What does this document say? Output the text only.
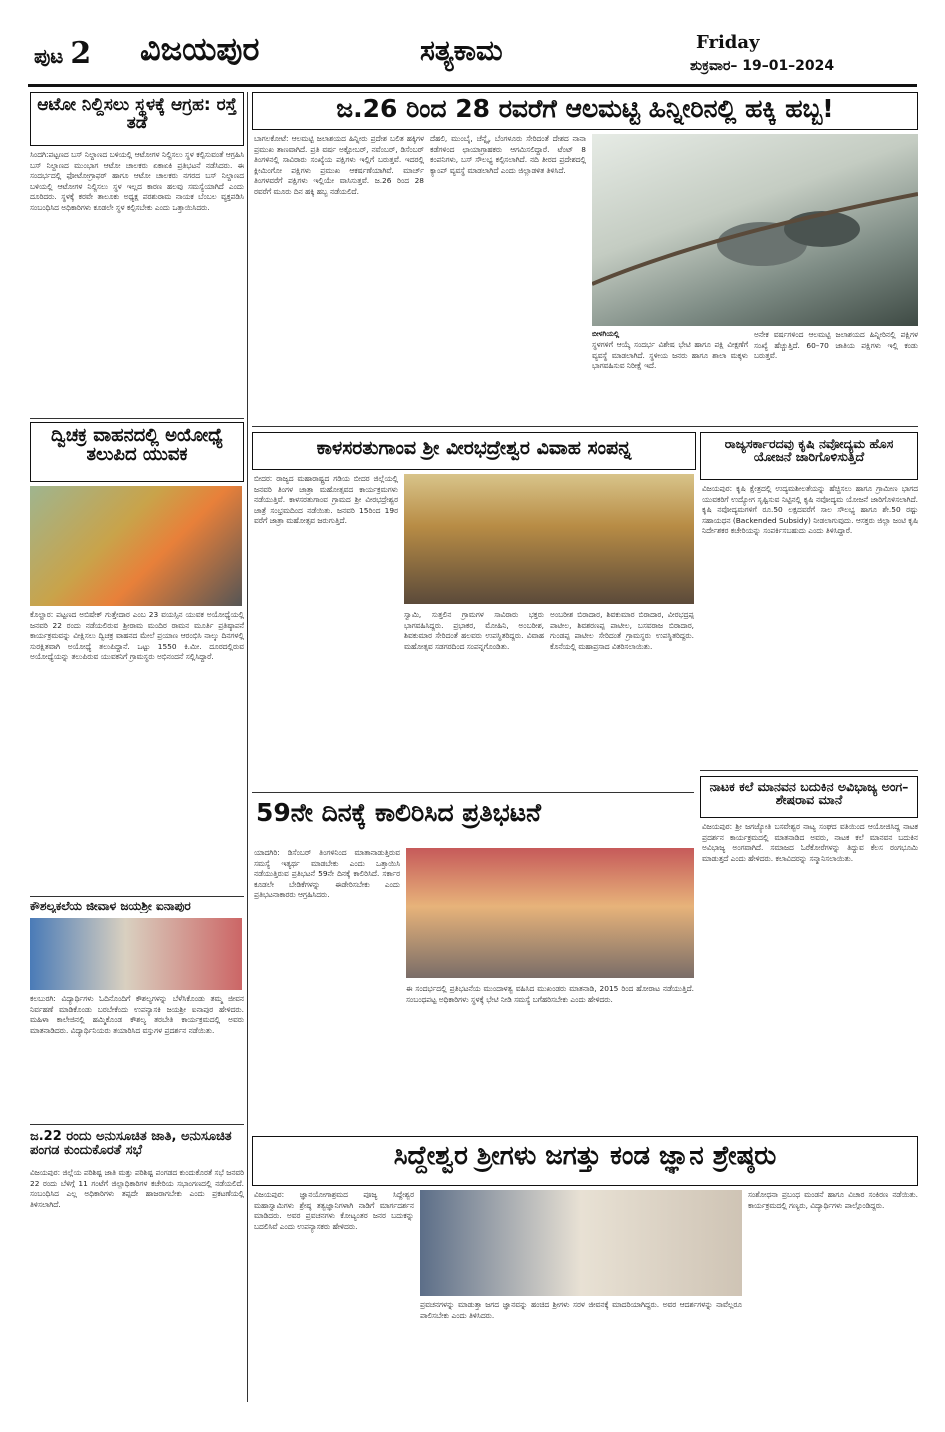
ಪುಟ 2 ವಿಜಯಪುರ	ಸತ್ಯಕಾಮ	Friday
ಶುಕ್ರವಾರ– 19–01–2024
ಆಟೋ ನಿಲ್ದಿಸಲು ಸ್ಥಳಕ್ಕೆ ಆಗ್ರಹ: ರಸ್ತೆ ತಡೆ
ಸಿಂದಗಿ:ಪಟ್ಟಣದ ಬಸ್ ನಿಲ್ದಾಣದ ಬಳಿಯಲ್ಲಿ ಆಟೋಗಳ ನಿಲ್ದಿಸಲು ಸ್ಥಳ ಕಲ್ಪಿಸುವಂತೆ ಆಗ್ರಹಿಸಿ ಬಸ್ ನಿಲ್ದಾಣದ ಮುಂಭಾಗ ಆಟೋ ಚಾಲಕರು ಏಕಾಏಕಿ ಪ್ರತಿಭಟನೆ ನಡೆಸಿದರು. ಈ ಸಂದರ್ಭದಲ್ಲಿ ಫೋಟೋಗ್ರಾಫರ್ ಹಾಗೂ ಆಟೋ ಚಾಲಕರು ನಗರದ ಬಸ್ ನಿಲ್ದಾಣದ ಬಳಿಯಲ್ಲಿ ಆಟೋಗಳ ನಿಲ್ದಿಸಲು ಸ್ಥಳ ಇಲ್ಲದ ಕಾರಣ ಹಲವು ಸಮಸ್ಯೆಯಾಗಿದೆ ಎಂದು ದೂರಿದರು. ಸ್ಥಳಕ್ಕೆ ಕರವೇ ತಾಲೂಕು ಅಧ್ಯಕ್ಷ ಪರಶುರಾಮ ನಾಯಕ ಬೆಂಬಲ ವ್ಯಕ್ತಪಡಿಸಿ ಸಂಬಂಧಿಸಿದ ಅಧಿಕಾರಿಗಳು ಕೂಡಲೇ ಸ್ಥಳ ಕಲ್ಪಿಸಬೇಕು ಎಂದು ಒತ್ತಾಯಿಸಿದರು.
ದ್ವಿಚಕ್ರ ವಾಹನದಲ್ಲಿ ಅಯೋಧ್ಯೆ ತಲುಪಿದ ಯುವಕ
ಕೊಲ್ಹಾರ: ಪಟ್ಟಣದ ಅಬಿಷೇಕ್ ಗುತ್ತೇದಾರ ಎಂಬ 23 ವಯಸ್ಸಿನ ಯುವಕ ಅಯೋಧ್ಯೆಯಲ್ಲಿ ಜನವರಿ 22 ರಂದು ನಡೆಯಲಿರುವ ಶ್ರೀರಾಮ ಮಂದಿರ ರಾಮನ ಮೂರ್ತಿ ಪ್ರತಿಷ್ಠಾಪನೆ ಕಾರ್ಯಕ್ರಮವನ್ನು ವೀಕ್ಷಿಸಲು ದ್ವಿಚಕ್ರ ವಾಹನದ ಮೇಲೆ ಪ್ರಯಾಣ ಆರಂಭಿಸಿ ನಾಲ್ಕು ದಿನಗಳಲ್ಲಿ ಸುರಕ್ಷಿತವಾಗಿ ಅಯೋಧ್ಯೆ ತಲುಪಿದ್ದಾನೆ. ಒಟ್ಟು 1550 ಕಿ.ಮೀ. ದೂರದಲ್ಲಿರುವ ಅಯೋಧ್ಯೆಯನ್ನು ತಲುಪಿರುವ ಯುವಕನಿಗೆ ಗ್ರಾಮಸ್ಥರು ಅಭಿನಂದನೆ ಸಲ್ಲಿಸಿದ್ದಾರೆ.
ಕೌಶಲ್ಯಕಲೆಯ ಜೀವಾಳ ಜಯಶ್ರೀ ಐನಾಪುರ
ಕಲಬುರಗಿ: ವಿದ್ಯಾರ್ಥಿಗಳು ಓದಿನೊಂದಿಗೆ ಕೌಶಲ್ಯಗಳನ್ನು ಬೆಳೆಸಿಕೊಂಡು ತಮ್ಮ ಜೀವನ ನಿರ್ವಹಣೆ ಮಾಡಿಕೊಂಡು ಬರಬೇಕೆಂದು ಉಪನ್ಯಾಸಕಿ ಜಯಶ್ರೀ ಐನಾಪುರ ಹೇಳಿದರು. ಮಹಿಳಾ ಕಾಲೇಜಿನಲ್ಲಿ ಹಮ್ಮಿಕೊಂಡ ಕೌಶಲ್ಯ ತರಬೇತಿ ಕಾರ್ಯಕ್ರಮದಲ್ಲಿ ಅವರು ಮಾತನಾಡಿದರು. ವಿದ್ಯಾರ್ಥಿನಿಯರು ತಯಾರಿಸಿದ ವಸ್ತುಗಳ ಪ್ರದರ್ಶನ ನಡೆಯಿತು.
ಜ.22 ರಂದು ಅನುಸೂಚಿತ ಜಾತಿ, ಅನುಸೂಚಿತ ಪಂಗಡ ಕುಂದುಕೊರತೆ ಸಭೆ
ವಿಜಯಪುರ: ಜಿಲ್ಲೆಯ ಪರಿಶಿಷ್ಟ ಜಾತಿ ಮತ್ತು ಪರಿಶಿಷ್ಟ ಪಂಗಡದ ಕುಂದುಕೊರತೆ ಸಭೆ ಜನವರಿ 22 ರಂದು ಬೆಳಿಗ್ಗೆ 11 ಗಂಟೆಗೆ ಜಿಲ್ಲಾಧಿಕಾರಿಗಳ ಕಚೇರಿಯ ಸಭಾಂಗಣದಲ್ಲಿ ನಡೆಯಲಿದೆ. ಸಂಬಂಧಿಸಿದ ಎಲ್ಲ ಅಧಿಕಾರಿಗಳು ತಪ್ಪದೇ ಹಾಜರಾಗಬೇಕು ಎಂದು ಪ್ರಕಟಣೆಯಲ್ಲಿ ತಿಳಿಸಲಾಗಿದೆ.
ಜ.26 ರಿಂದ 28 ರವರೆಗೆ ಆಲಮಟ್ಟಿ ಹಿನ್ನೀರಿನಲ್ಲಿ ಹಕ್ಕಿ ಹಬ್ಬ!
ಬಾಗಲಕೋಟೆ: ಆಲಮಟ್ಟಿ ಜಲಾಶಯದ ಹಿನ್ನೀರು ಪ್ರದೇಶ ಬಲಿತ ಹಕ್ಕಿಗಳ ಪ್ರಮುಖ ತಾಣವಾಗಿದೆ. ಪ್ರತಿ ವರ್ಷ ಅಕ್ಟೋಬರ್, ನವೆಂಬರ್, ಡಿಸೆಂಬರ್ ತಿಂಗಳಿನಲ್ಲಿ ಸಾವಿರಾರು ಸಂಖ್ಯೆಯ ಪಕ್ಷಿಗಳು ಇಲ್ಲಿಗೆ ಬರುತ್ತವೆ. ಇದರಲ್ಲಿ ಕ್ಲೀಮಿಂಗೋ ಪಕ್ಷಿಗಳು ಪ್ರಮುಖ ಆಕರ್ಷಣೆಯಾಗಿವೆ. ಮಾರ್ಚ್ ತಿಂಗಳವರೆಗೆ ಪಕ್ಷಿಗಳು ಇಲ್ಲಿಯೇ ವಾಸಿಸುತ್ತವೆ. ಜ.26 ರಿಂದ 28 ರವರೆಗೆ ಮೂರು ದಿನ ಹಕ್ಕಿ ಹಬ್ಬ ನಡೆಯಲಿದೆ.
ದೆಹಲಿ, ಮುಂಬೈ, ಚೆನ್ನೈ, ಬೆಂಗಳೂರು ಸೇರಿದಂತೆ ದೇಶದ ನಾನಾ ಕಡೆಗಳಿಂದ ಛಾಯಾಗ್ರಾಹಕರು ಆಗಮಿಸಲಿದ್ದಾರೆ. ಟೆಂಟ್ 8 ಕಂಪನಿಗಳು, ಬಸ್ ಸೌಲಭ್ಯ ಕಲ್ಪಿಸಲಾಗಿದೆ. ನದಿ ತೀರದ ಪ್ರದೇಶದಲ್ಲಿ ಕ್ಯಾಂಪ್ ವ್ಯವಸ್ಥೆ ಮಾಡಲಾಗಿದೆ ಎಂದು ಜಿಲ್ಲಾಡಳಿತ ತಿಳಿಸಿದೆ.
ಬೀಳಗಿಯಲ್ಲಿ
ಸ್ಥಳಗಳಿಗೆ ಆಯ್ಕೆ ಸಂದರ್ಭ ವಿಶೇಷ ಭೇಟಿ ಹಾಗೂ ಪಕ್ಷಿ ವೀಕ್ಷಣೆಗೆ ವ್ಯವಸ್ಥೆ ಮಾಡಲಾಗಿದೆ. ಸ್ಥಳೀಯ ಜನರು ಹಾಗೂ ಶಾಲಾ ಮಕ್ಕಳು ಭಾಗವಹಿಸುವ ನಿರೀಕ್ಷೆ ಇದೆ.
ಅನೇಕ ವರ್ಷಗಳಿಂದ ಆಲಮಟ್ಟಿ ಜಲಾಶಯದ ಹಿನ್ನೀರಿನಲ್ಲಿ ಪಕ್ಷಿಗಳ ಸಂಖ್ಯೆ ಹೆಚ್ಚುತ್ತಿದೆ. 60–70 ಜಾತಿಯ ಪಕ್ಷಿಗಳು ಇಲ್ಲಿ ಕಂಡು ಬರುತ್ತವೆ.
ಕಾಳಸರತುಗಾಂವ ಶ್ರೀ ವೀರಭದ್ರೇಶ್ವರ ವಿವಾಹ ಸಂಪನ್ನ
ಬೀದರ: ರಾಜ್ಯದ ಮಹಾರಾಷ್ಟ್ರದ ಗಡಿಯ ಬೀದರ ಜಿಲ್ಲೆಯಲ್ಲಿ ಜನವರಿ ತಿಂಗಳ ಜಾತ್ರಾ ಮಹೋತ್ಸವದ ಕಾರ್ಯಕ್ರಮಗಳು ನಡೆಯುತ್ತಿವೆ. ಕಾಳಸರತುಗಾಂವ ಗ್ರಾಮದ ಶ್ರೀ ವೀರಭದ್ರೇಶ್ವರ ಜಾತ್ರೆ ಸಂಭ್ರಮದಿಂದ ನಡೆಯಿತು. ಜನವರಿ 15ರಿಂದ 19ರ ವರೆಗೆ ಜಾತ್ರಾ ಮಹೋತ್ಸವ ಜರುಗುತ್ತಿದೆ.
ಸ್ವಾಮಿ, ಸುತ್ತಲಿನ ಗ್ರಾಮಗಳ ಸಾವಿರಾರು ಭಕ್ತರು ಭಾಗವಹಿಸಿದ್ದರು. ಪ್ರಭಾಕರ, ಮೋಹಿನಿ, ಅಂಬರೀಶ, ಶಿವಕುಮಾರ ಸೇರಿದಂತೆ ಹಲವರು ಉಪಸ್ಥಿತರಿದ್ದರು. ವಿವಾಹ ಮಹೋತ್ಸವ ಸಡಗರದಿಂದ ಸಂಪನ್ನಗೊಂಡಿತು.
ಅಂಬರೀಶ ಬಿರಾದಾರ, ಶಿವಕುಮಾರ ಬಿರಾದಾರ, ವೀರಭದ್ರಪ್ಪ ಪಾಟೀಲ, ಶಿವಶರಣಪ್ಪ ಪಾಟೀಲ, ಬಸವರಾಜ ಬಿರಾದಾರ, ಗುಂಡಪ್ಪ ಪಾಟೀಲ ಸೇರಿದಂತೆ ಗ್ರಾಮಸ್ಥರು ಉಪಸ್ಥಿತರಿದ್ದರು. ಕೊನೆಯಲ್ಲಿ ಮಹಾಪ್ರಸಾದ ವಿತರಿಸಲಾಯಿತು.
ರಾಜ್ಯಸರ್ಕಾರದವು ಕೃಷಿ ನವೋದ್ಯಮ ಹೊಸ ಯೋಜನೆ ಜಾರಿಗೊಳಿಸುತ್ತಿದೆ
ವಿಜಯಪುರ: ಕೃಷಿ ಕ್ಷೇತ್ರದಲ್ಲಿ ಉದ್ಯಮಶೀಲತೆಯನ್ನು ಹೆಚ್ಚಿಸಲು ಹಾಗೂ ಗ್ರಾಮೀಣ ಭಾಗದ ಯುವಕರಿಗೆ ಉದ್ಯೋಗ ಸೃಷ್ಟಿಸುವ ನಿಟ್ಟಿನಲ್ಲಿ ಕೃಷಿ ನವೋದ್ಯಮ ಯೋಜನೆ ಜಾರಿಗೊಳಿಸಲಾಗಿದೆ. ಕೃಷಿ ನವೋದ್ಯಮಗಳಿಗೆ ರೂ.50 ಲಕ್ಷದವರೆಗೆ ಸಾಲ ಸೌಲಭ್ಯ ಹಾಗೂ ಶೇ.50 ರಷ್ಟು ಸಹಾಯಧನ (Backended Subsidy) ನೀಡಲಾಗುವುದು. ಆಸಕ್ತರು ಜಿಲ್ಲಾ ಜಂಟಿ ಕೃಷಿ ನಿರ್ದೇಶಕರ ಕಚೇರಿಯನ್ನು ಸಂಪರ್ಕಿಸಬಹುದು ಎಂದು ತಿಳಿಸಿದ್ದಾರೆ.
ನಾಟಕ ಕಲೆ ಮಾನವನ ಬದುಕಿನ ಅವಿಭಾಜ್ಯ ಅಂಗ– ಶೇಷರಾವ ಮಾನೆ
ವಿಜಯಪುರ: ಶ್ರೀ ಜಗಜ್ಯೋತಿ ಬಸವೇಶ್ವರ ನಾಟ್ಯ ಸಂಘದ ವತಿಯಿಂದ ಆಯೋಜಿಸಿದ್ದ ನಾಟಕ ಪ್ರದರ್ಶನ ಕಾರ್ಯಕ್ರಮದಲ್ಲಿ ಮಾತನಾಡಿದ ಅವರು, ನಾಟಕ ಕಲೆ ಮಾನವನ ಬದುಕಿನ ಅವಿಭಾಜ್ಯ ಅಂಗವಾಗಿದೆ. ಸಮಾಜದ ಓರೆಕೋರೆಗಳನ್ನು ತಿದ್ದುವ ಕೆಲಸ ರಂಗಭೂಮಿ ಮಾಡುತ್ತದೆ ಎಂದು ಹೇಳಿದರು. ಕಲಾವಿದರನ್ನು ಸನ್ಮಾನಿಸಲಾಯಿತು.
59ನೇ ದಿನಕ್ಕೆ ಕಾಲಿರಿಸಿದ ಪ್ರತಿಭಟನೆ
ಯಾದಗಿರಿ: ಡಿಸೆಂಬರ್ ತಿಂಗಳಿನಿಂದ ಮಾತಾನಾಡುತ್ತಿರುವ ಸಮಸ್ಯೆ ಇತ್ಯರ್ಥ ಮಾಡಬೇಕು ಎಂದು ಒತ್ತಾಯಿಸಿ ನಡೆಯುತ್ತಿರುವ ಪ್ರತಿಭಟನೆ 59ನೇ ದಿನಕ್ಕೆ ಕಾಲಿರಿಸಿದೆ. ಸರ್ಕಾರ ಕೂಡಲೇ ಬೇಡಿಕೆಗಳನ್ನು ಈಡೇರಿಸಬೇಕು ಎಂದು ಪ್ರತಿಭಟನಾಕಾರರು ಆಗ್ರಹಿಸಿದರು.
ಈ ಸಂದರ್ಭದಲ್ಲಿ ಪ್ರತಿಭಟನೆಯ ಮುಂದಾಳತ್ವ ವಹಿಸಿದ ಮುಖಂಡರು ಮಾತನಾಡಿ, 2015 ರಿಂದ ಹೋರಾಟ ನಡೆಯುತ್ತಿದೆ. ಸಂಬಂಧಪಟ್ಟ ಅಧಿಕಾರಿಗಳು ಸ್ಥಳಕ್ಕೆ ಭೇಟಿ ನೀಡಿ ಸಮಸ್ಯೆ ಬಗೆಹರಿಸಬೇಕು ಎಂದು ಹೇಳಿದರು.
ಸಿದ್ದೇಶ್ವರ ಶ್ರೀಗಳು ಜಗತ್ತು ಕಂಡ ಜ್ಞಾನ ಶ್ರೇಷ್ಠರು
ವಿಜಯಪುರ: ಜ್ಞಾನಯೋಗಾಶ್ರಮದ ಪೂಜ್ಯ ಸಿದ್ದೇಶ್ವರ ಮಹಾಸ್ವಾಮಿಗಳು ಶ್ರೇಷ್ಠ ತತ್ವಜ್ಞಾನಿಗಳಾಗಿ ನಾಡಿಗೆ ಮಾರ್ಗದರ್ಶನ ಮಾಡಿದರು. ಅವರ ಪ್ರವಚನಗಳು ಕೋಟ್ಯಂತರ ಜನರ ಬದುಕನ್ನು ಬದಲಿಸಿವೆ ಎಂದು ಉಪನ್ಯಾಸಕರು ಹೇಳಿದರು.
ಪ್ರವಚನಗಳನ್ನು ಮಾಡುತ್ತಾ ಜಗದ ಜ್ಞಾನವನ್ನು ಹಂಚಿದ ಶ್ರೀಗಳು ಸರಳ ಜೀವನಕ್ಕೆ ಮಾದರಿಯಾಗಿದ್ದರು. ಅವರ ಆದರ್ಶಗಳನ್ನು ನಾವೆಲ್ಲರೂ ಪಾಲಿಸಬೇಕು ಎಂದು ತಿಳಿಸಿದರು.
ಸಂಶೋಧನಾ ಪ್ರಬಂಧ ಮಂಡನೆ ಹಾಗೂ ವಿಚಾರ ಸಂಕಿರಣ ನಡೆಯಿತು. ಕಾರ್ಯಕ್ರಮದಲ್ಲಿ ಗಣ್ಯರು, ವಿದ್ಯಾರ್ಥಿಗಳು ಪಾಲ್ಗೊಂಡಿದ್ದರು.
